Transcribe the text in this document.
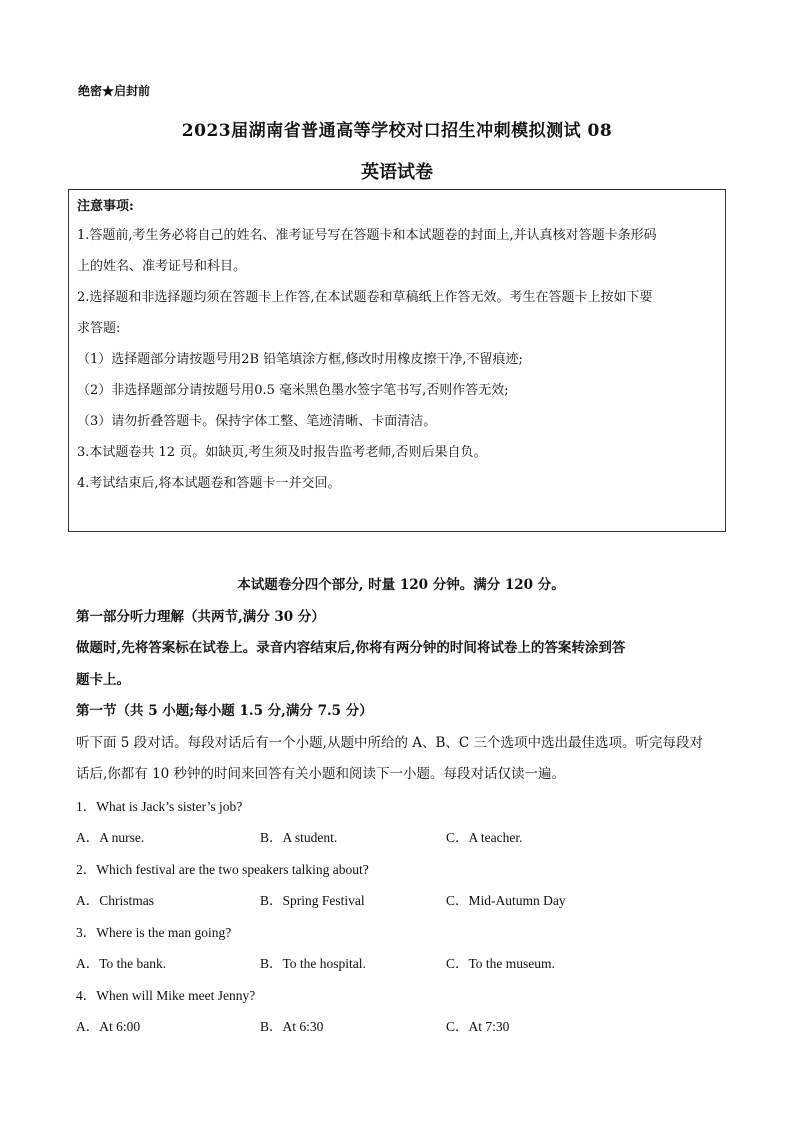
绝密★启封前
2023届湖南省普通高等学校对口招生冲刺模拟测试 08
英语试卷
注意事项:
1.答题前,考生务必将自己的姓名、准考证号写在答题卡和本试题卷的封面上,并认真核对答题卡条形码
上的姓名、准考证号和科目。
2.选择题和非选择题均须在答题卡上作答,在本试题卷和草稿纸上作答无效。考生在答题卡上按如下要
求答题:
（1）选择题部分请按题号用2B 铅笔填涂方框,修改时用橡皮擦干净,不留痕迹;
（2）非选择题部分请按题号用0.5 毫米黑色墨水签字笔书写,否则作答无效;
（3）请勿折叠答题卡。保持字体工整、笔迹清晰、卡面清洁。
3.本试题卷共 12 页。如缺页,考生须及时报告监考老师,否则后果自负。
4.考试结束后,将本试题卷和答题卡一并交回。
本试题卷分四个部分, 时量 120 分钟。满分 120 分。
第一部分听力理解（共两节,满分 30 分）
做题时,先将答案标在试卷上。录音内容结束后,你将有两分钟的时间将试卷上的答案转涂到答
题卡上。
第一节（共 5 小题;每小题 1.5 分,满分 7.5 分）
听下面 5 段对话。每段对话后有一个小题,从题中所给的 A、B、C 三个选项中选出最佳选项。听完每段对
话后,你都有 10 秒钟的时间来回答有关小题和阅读下一小题。每段对话仅读一遍。
1．What is Jack’s sister’s job?
A．A nurse.	B．A student.	C．A teacher.
2．Which festival are the two speakers talking about?
A．Christmas	B．Spring Festival	C．Mid-Autumn Day
3．Where is the man going?
A．To the bank.	B．To the hospital.	C．To the museum.
4．When will Mike meet Jenny?
A．At 6:00	B．At 6:30	C．At 7:30
